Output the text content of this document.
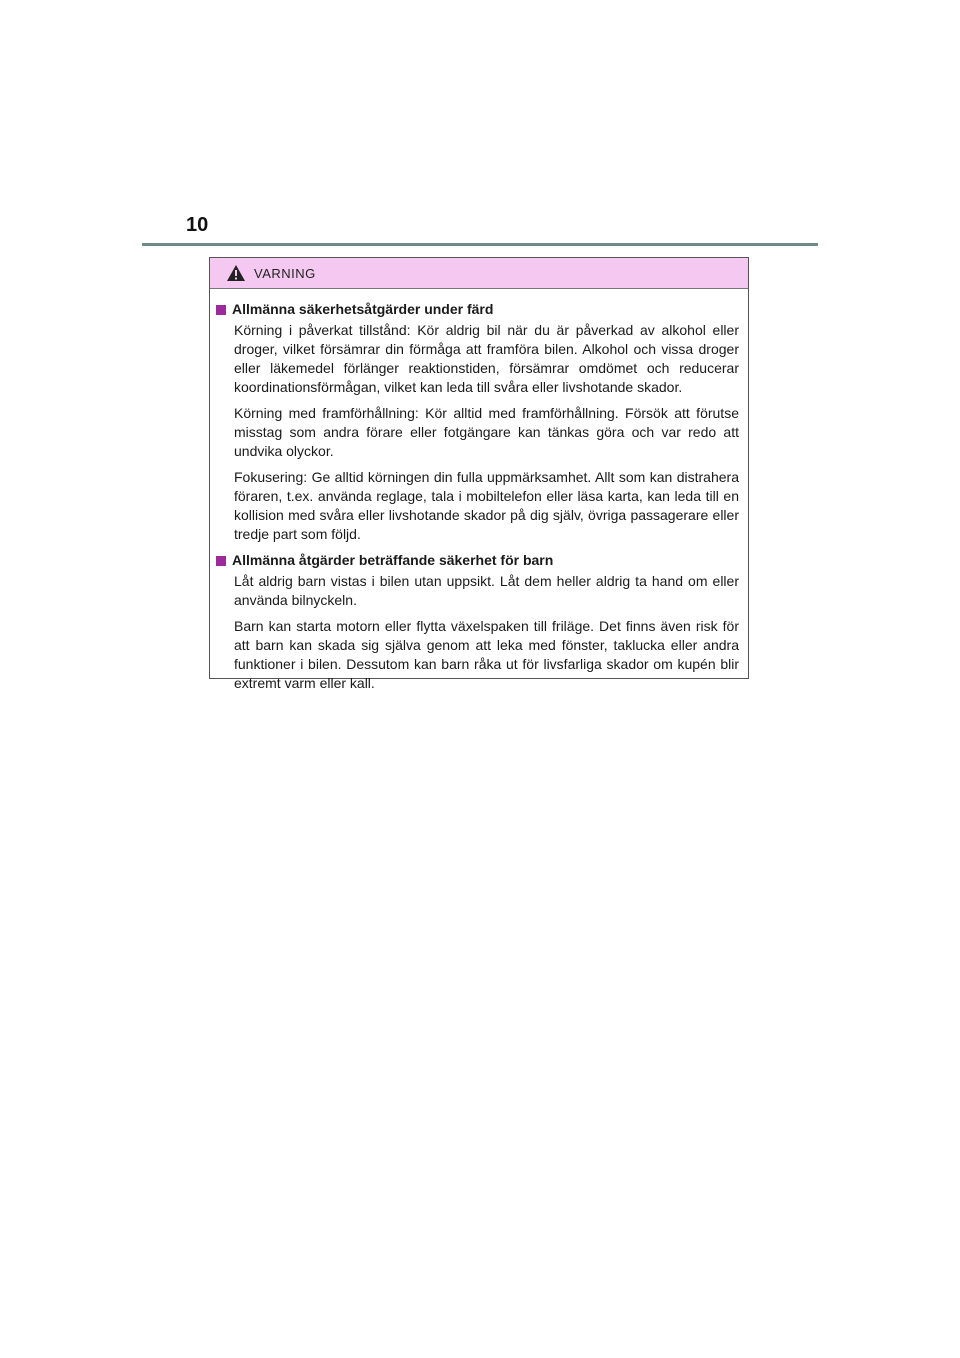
10
VARNING
Allmänna säkerhetsåtgärder under färd

Körning i påverkat tillstånd: Kör aldrig bil när du är påverkad av alkohol eller droger, vilket försämrar din förmåga att framföra bilen. Alkohol och vissa droger eller läkemedel förlänger reaktionstiden, försämrar omdömet och reducerar koordinationsförmågan, vilket kan leda till svåra eller livshotande skador.

Körning med framförhållning: Kör alltid med framförhållning. Försök att förutse misstag som andra förare eller fotgängare kan tänkas göra och var redo att undvika olyckor.

Fokusering: Ge alltid körningen din fulla uppmärksamhet. Allt som kan distrahera föraren, t.ex. använda reglage, tala i mobiltelefon eller läsa karta, kan leda till en kollision med svåra eller livshotande skador på dig själv, övriga passagerare eller tredje part som följd.

Allmänna åtgärder beträffande säkerhet för barn

Låt aldrig barn vistas i bilen utan uppsikt. Låt dem heller aldrig ta hand om eller använda bilnyckeln.

Barn kan starta motorn eller flytta växelspaken till friläge. Det finns även risk för att barn kan skada sig själva genom att leka med fönster, taklucka eller andra funktioner i bilen. Dessutom kan barn råka ut för livsfarliga skador om kupén blir extremt varm eller kall.
